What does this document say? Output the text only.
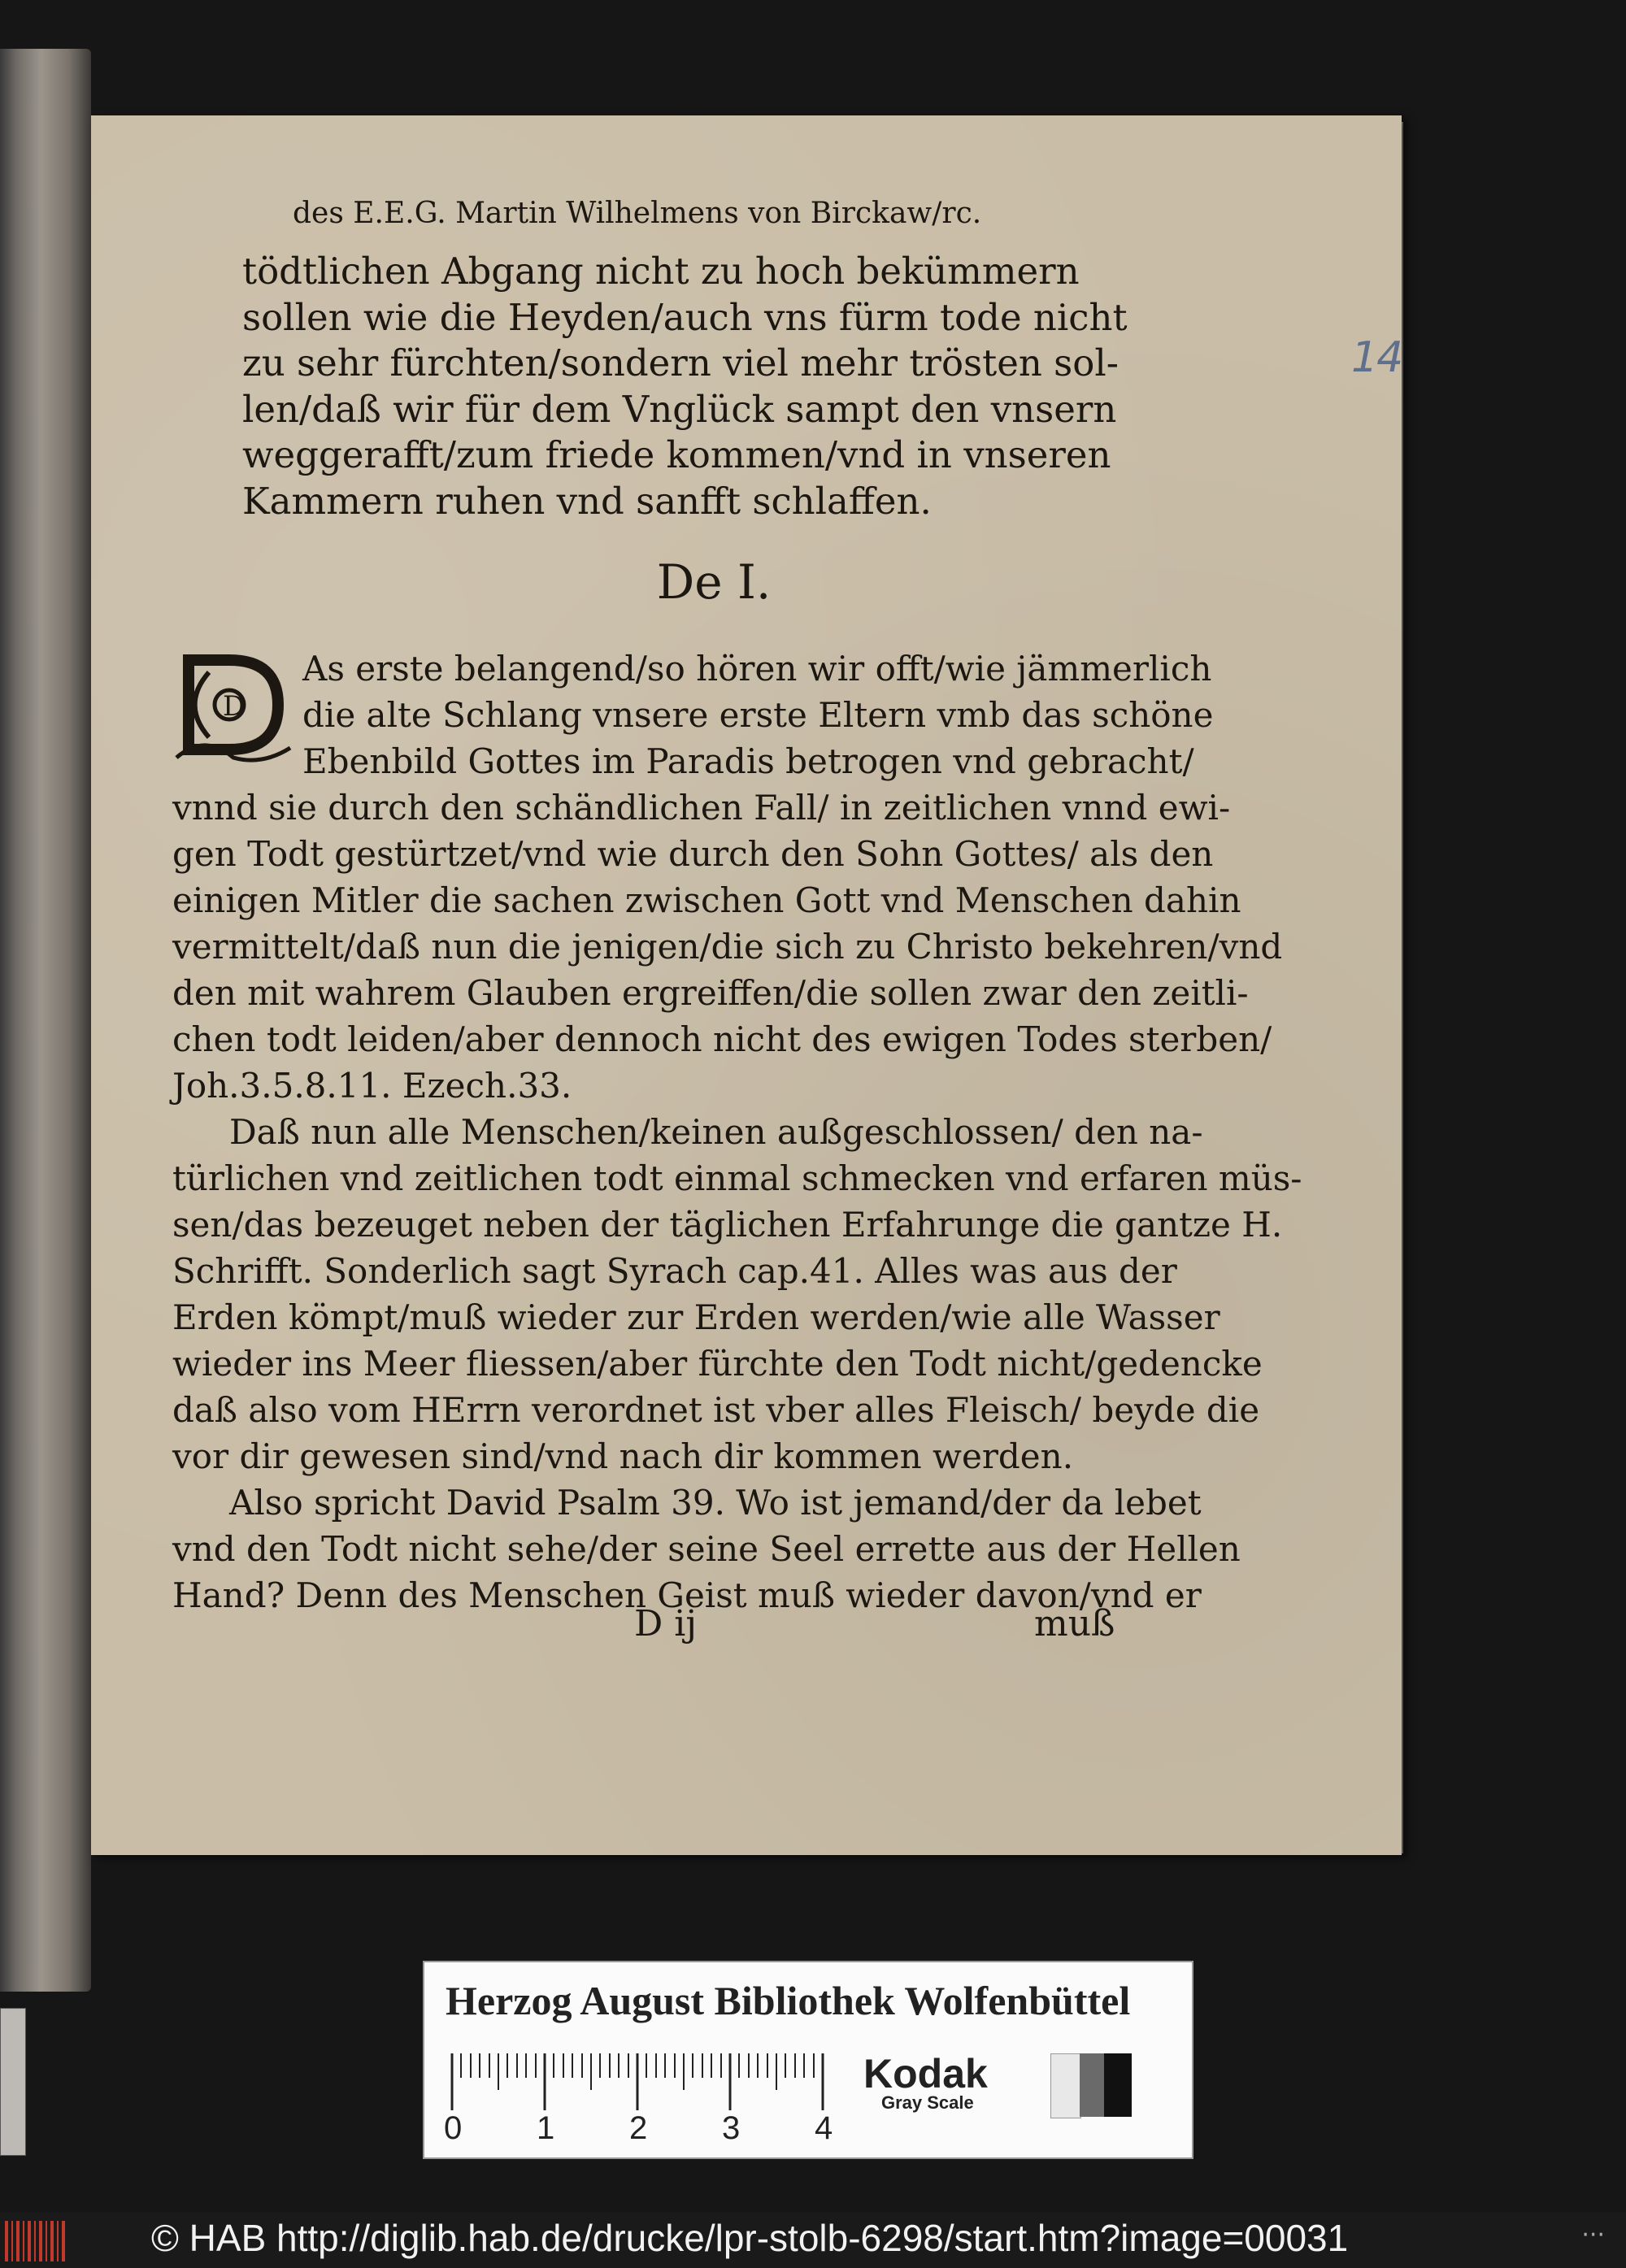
14
des E.E.G. Martin Wilhelmens von Birckaw/rc.
tödtlichen Abgang nicht zu hoch bekümmern
sollen wie die Heyden/auch vns fürm tode nicht
zu sehr fürchten/sondern viel mehr trösten sol-
len/daß wir für dem Vnglück sampt den vnsern
weggerafft/zum friede kommen/vnd in vnseren
Kammern ruhen vnd sanfft schlaffen.
De I.
D
As erste belangend/so hören wir offt/wie jämmerlich
die alte Schlang vnsere erste Eltern vmb das schöne
Ebenbild Gottes im Paradis betrogen vnd gebracht/
vnnd sie durch den schändlichen Fall/ in zeitlichen vnnd ewi-
gen Todt gestürtzet/vnd wie durch den Sohn Gottes/ als den
einigen Mitler die sachen zwischen Gott vnd Menschen dahin
vermittelt/daß nun die jenigen/die sich zu Christo bekehren/vnd
den mit wahrem Glauben ergreiffen/die sollen zwar den zeitli-
chen todt leiden/aber dennoch nicht des ewigen Todes sterben/
Joh.3.5.8.11. Ezech.33.
Daß nun alle Menschen/keinen außgeschlossen/ den na-
türlichen vnd zeitlichen todt einmal schmecken vnd erfaren müs-
sen/das bezeuget neben der täglichen Erfahrunge die gantze H.
Schrifft. Sonderlich sagt Syrach cap.41. Alles was aus der
Erden kömpt/muß wieder zur Erden werden/wie alle Wasser
wieder ins Meer fliessen/aber fürchte den Todt nicht/gedencke
daß also vom HErrn verordnet ist vber alles Fleisch/ beyde die
vor dir gewesen sind/vnd nach dir kommen werden.
Also spricht David Psalm 39. Wo ist jemand/der da lebet
vnd den Todt nicht sehe/der seine Seel errette aus der Hellen
Hand? Denn des Menschen Geist muß wieder davon/vnd er
D ij	muß
Herzog August Bibliothek Wolfenbüttel
0 1 2 3 4
Kodak
Gray Scale
© HAB http://diglib.hab.de/drucke/lpr-stolb-6298/start.htm?image=00031	···
